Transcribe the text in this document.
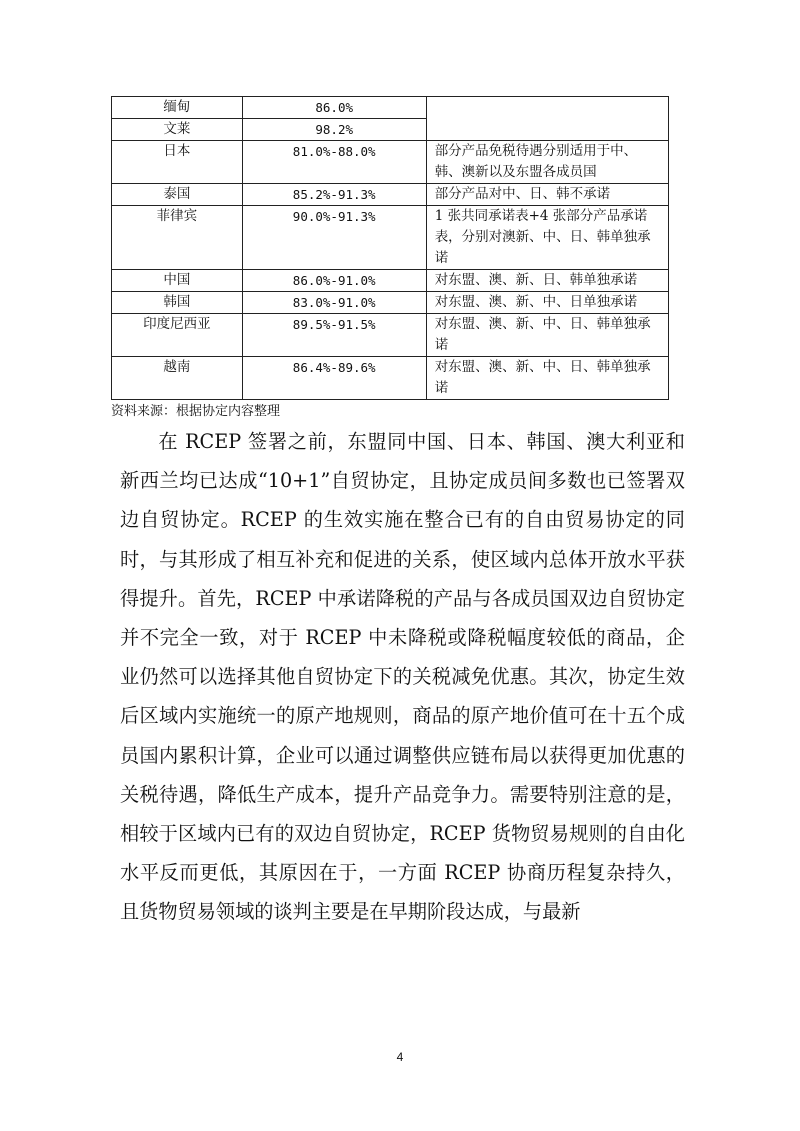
缅甸	86.0%	
文莱	98.2%	
日本	81.0%-88.0%	部分产品免税待遇分别适用于中、韩、澳新以及东盟各成员国
泰国	85.2%-91.3%	部分产品对中、日、韩不承诺
菲律宾	90.0%-91.3%	1 张共同承诺表+4 张部分产品承诺表，分别对澳新、中、日、韩单独承诺
中国	86.0%-91.0%	对东盟、澳、新、日、韩单独承诺
韩国	83.0%-91.0%	对东盟、澳、新、中、日单独承诺
印度尼西亚	89.5%-91.5%	对东盟、澳、新、中、日、韩单独承诺
越南	86.4%-89.6%	对东盟、澳、新、中、日、韩单独承诺
资料来源：根据协定内容整理

在 RCEP 签署之前，东盟同中国、日本、韩国、澳大利亚和新西兰均已达成“10+1”自贸协定，且协定成员间多数也已签署双边自贸协定。RCEP 的生效实施在整合已有的自由贸易协定的同时，与其形成了相互补充和促进的关系，使区域内总体开放水平获得提升。首先，RCEP 中承诺降税的产品与各成员国双边自贸协定并不完全一致，对于 RCEP 中未降税或降税幅度较低的商品，企业仍然可以选择其他自贸协定下的关税减免优惠。其次，协定生效后区域内实施统一的原产地规则，商品的原产地价值可在十五个成员国内累积计算，企业可以通过调整供应链布局以获得更加优惠的关税待遇，降低生产成本，提升产品竞争力。需要特别注意的是，相较于区域内已有的双边自贸协定，RCEP 货物贸易规则的自由化水平反而更低，其原因在于，一方面 RCEP 协商历程复杂持久，且货物贸易领域的谈判主要是在早期阶段达成，与最新

4
